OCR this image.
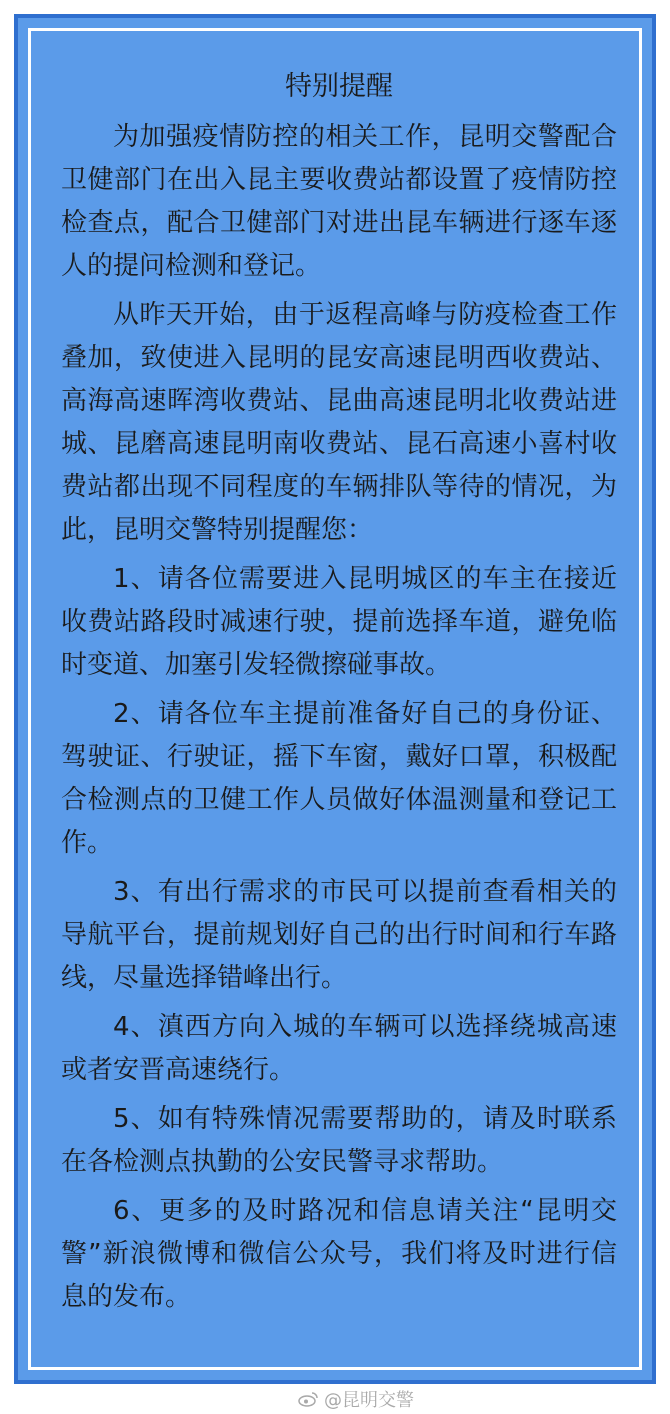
特别提醒

为加强疫情防控的相关工作，昆明交警配合卫健部门在出入昆主要收费站都设置了疫情防控检查点，配合卫健部门对进出昆车辆进行逐车逐人的提问检测和登记。

从昨天开始，由于返程高峰与防疫检查工作叠加，致使进入昆明的昆安高速昆明西收费站、高海高速晖湾收费站、昆曲高速昆明北收费站进城、昆磨高速昆明南收费站、昆石高速小喜村收费站都出现不同程度的车辆排队等待的情况，为此，昆明交警特别提醒您：

1、请各位需要进入昆明城区的车主在接近收费站路段时减速行驶，提前选择车道，避免临时变道、加塞引发轻微擦碰事故。

2、请各位车主提前准备好自己的身份证、驾驶证、行驶证，摇下车窗，戴好口罩，积极配合检测点的卫健工作人员做好体温测量和登记工作。

3、有出行需求的市民可以提前查看相关的导航平台，提前规划好自己的出行时间和行车路线，尽量选择错峰出行。

4、滇西方向入城的车辆可以选择绕城高速或者安晋高速绕行。

5、如有特殊情况需要帮助的，请及时联系在各检测点执勤的公安民警寻求帮助。

6、更多的及时路况和信息请关注“昆明交警”新浪微博和微信公众号，我们将及时进行信息的发布。

@昆明交警
